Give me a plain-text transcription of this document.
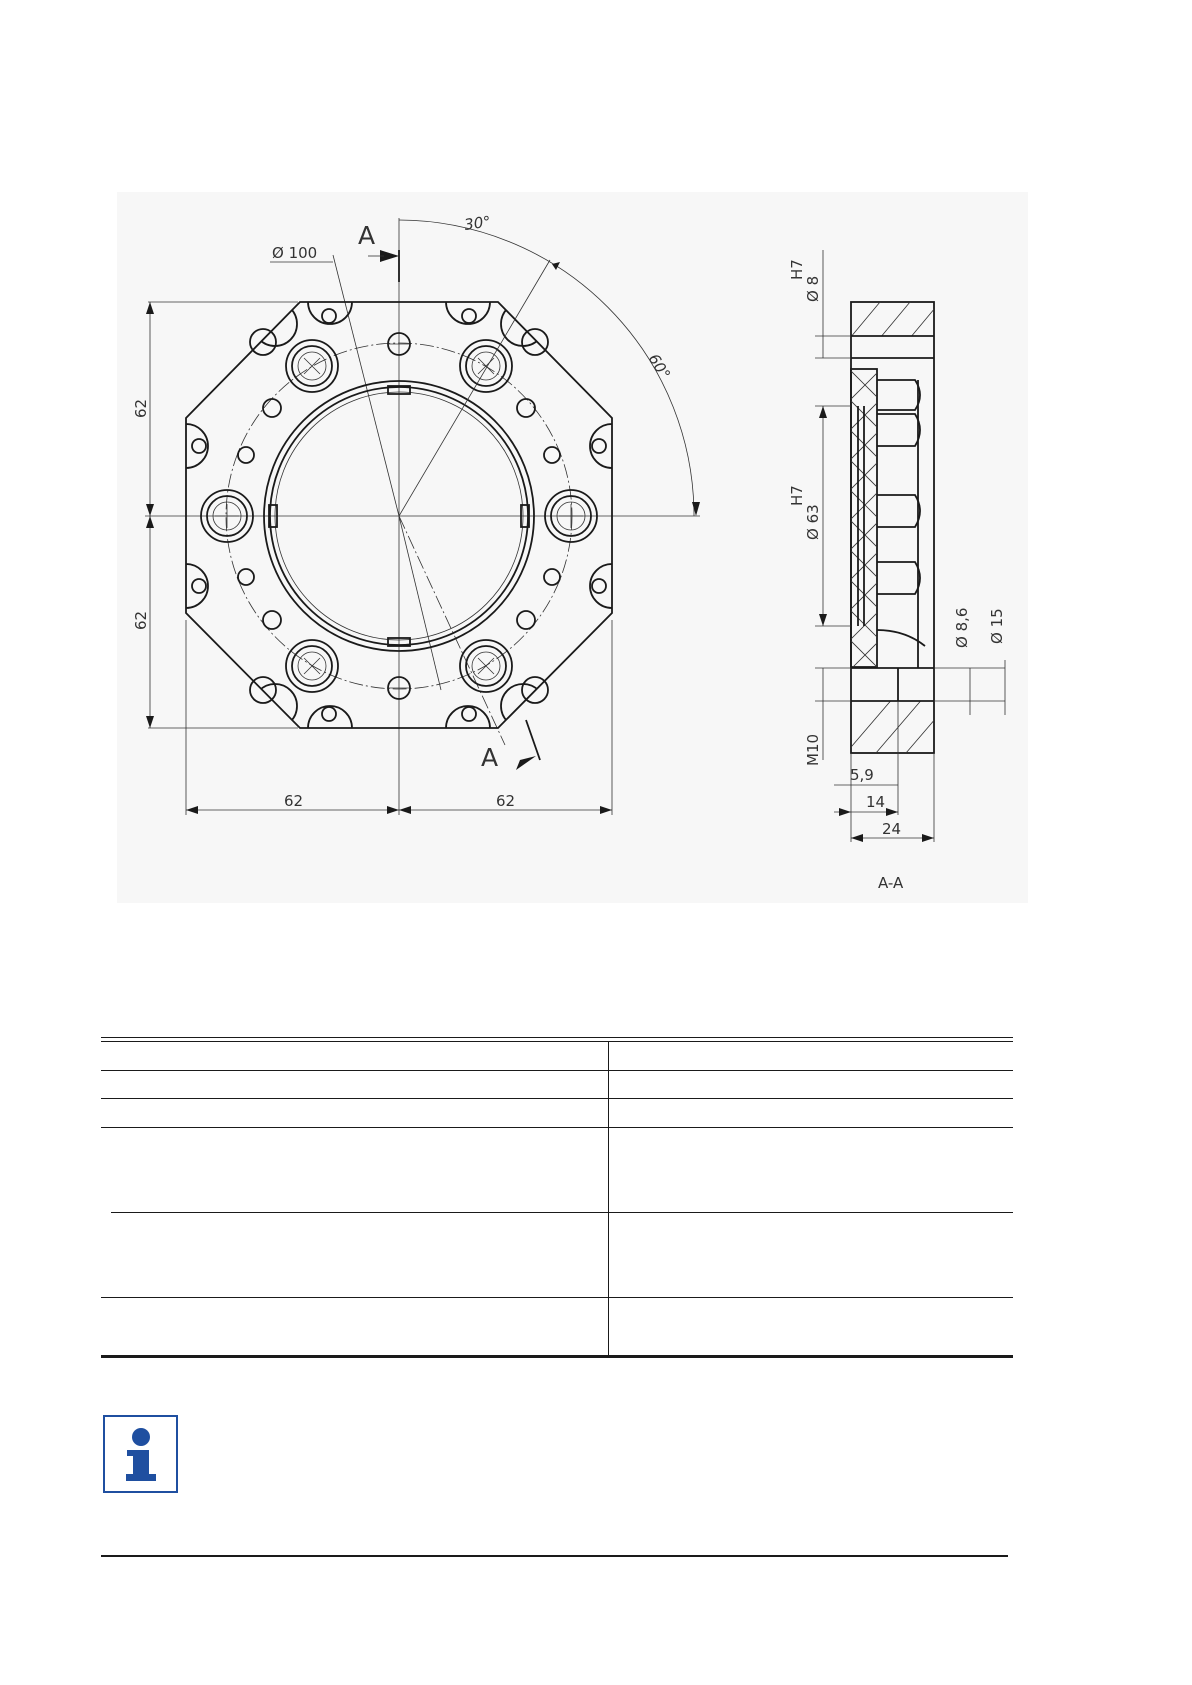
A
A
Ø 100
30°
60°
62
62
62	62
H7
Ø 8
H7
Ø 63
Ø 8,6 Ø 15
M10
5,9
14
24
A-A
